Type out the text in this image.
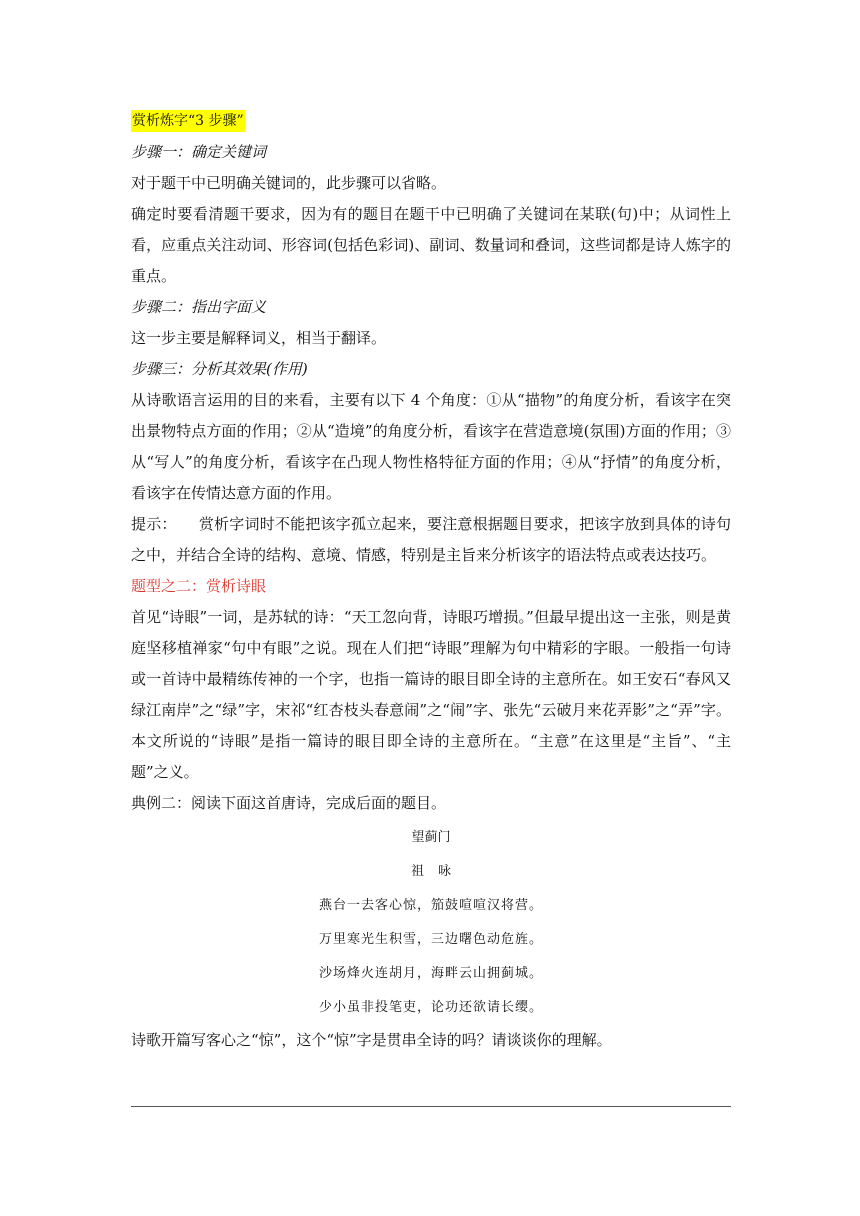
赏析炼字“3 步骤”

步骤一：确定关键词

对于题干中已明确关键词的，此步骤可以省略。

确定时要看清题干要求，因为有的题目在题干中已明确了关键词在某联(句)中；从词性上看，应重点关注动词、形容词(包括色彩词)、副词、数量词和叠词，这些词都是诗人炼字的重点。

步骤二：指出字面义

这一步主要是解释词义，相当于翻译。

步骤三：分析其效果(作用)

从诗歌语言运用的目的来看，主要有以下 4 个角度：①从“描物”的角度分析，看该字在突出景物特点方面的作用；②从“造境”的角度分析，看该字在营造意境(氛围)方面的作用；③从“写人”的角度分析，看该字在凸现人物性格特征方面的作用；④从“抒情”的角度分析，看该字在传情达意方面的作用。

提示： 赏析字词时不能把该字孤立起来，要注意根据题目要求，把该字放到具体的诗句之中，并结合全诗的结构、意境、情感，特别是主旨来分析该字的语法特点或表达技巧。

题型之二：赏析诗眼

首见“诗眼”一词，是苏轼的诗：“天工忽向背，诗眼巧增损。”但最早提出这一主张，则是黄庭坚移植禅家“句中有眼”之说。现在人们把“诗眼”理解为句中精彩的字眼。一般指一句诗或一首诗中最精练传神的一个字，也指一篇诗的眼目即全诗的主意所在。如王安石“春风又绿江南岸”之“绿”字，宋祁“红杏枝头春意闹”之“闹”字、张先“云破月来花弄影”之“弄”字。本文所说的“诗眼”是指一篇诗的眼目即全诗的主意所在。“主意”在这里是“主旨”、“主题”之义。

典例二：阅读下面这首唐诗，完成后面的题目。

望蓟门

祖咏

燕台一去客心惊，笳鼓喧喧汉将营。

万里寒光生积雪，三边曙色动危旌。

沙场烽火连胡月，海畔云山拥蓟城。

少小虽非投笔吏，论功还欲请长缨。

诗歌开篇写客心之“惊”，这个“惊”字是贯串全诗的吗？请谈谈你的理解。
